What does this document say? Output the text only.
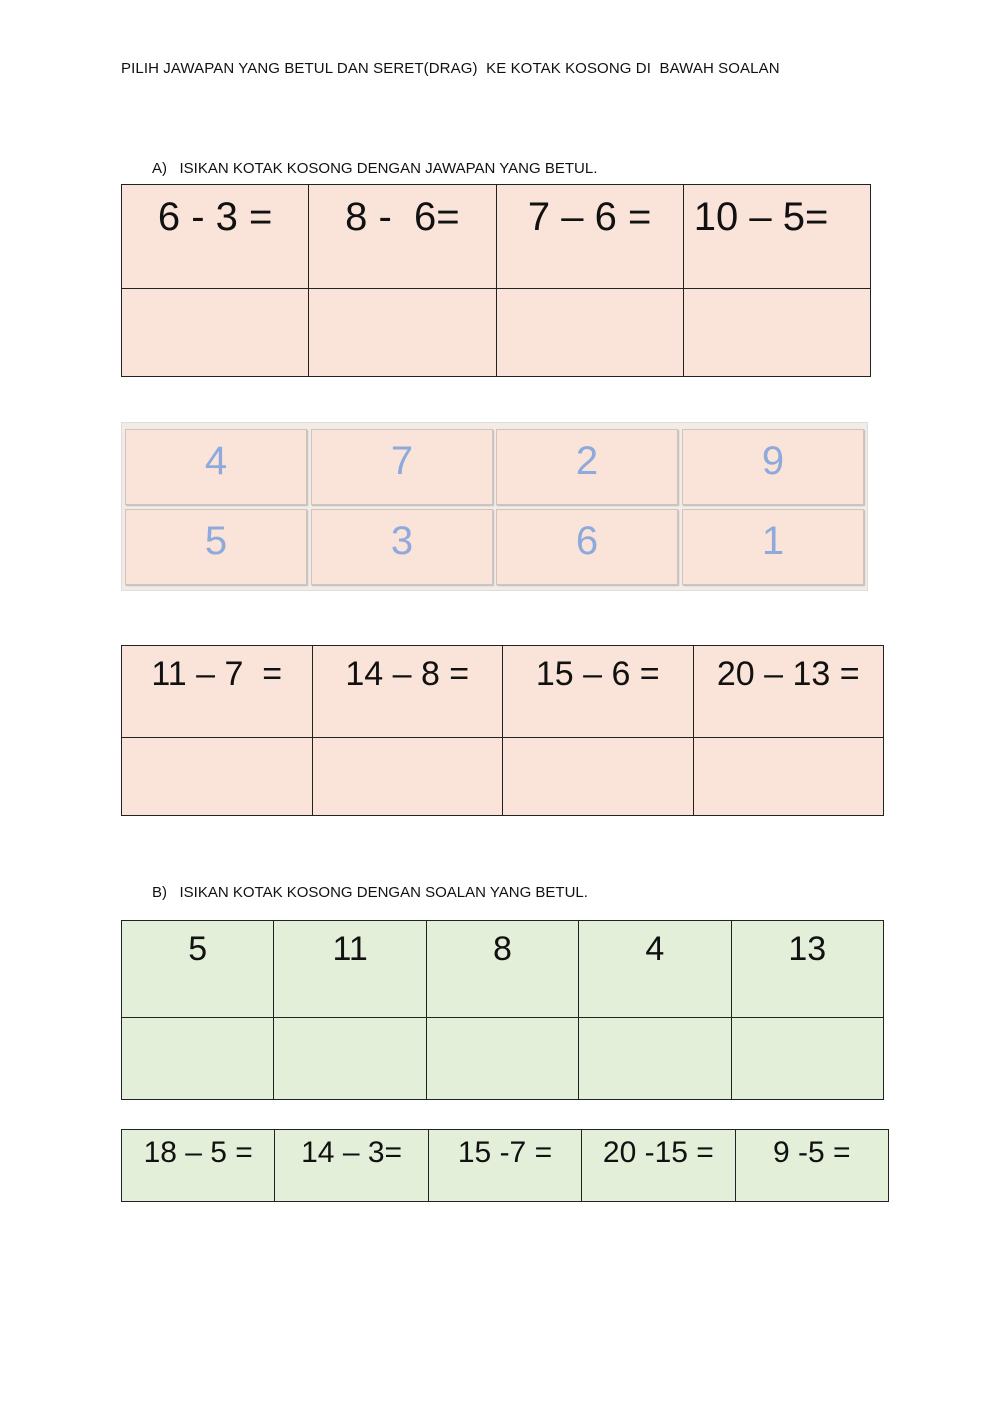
PILIH JAWAPAN YANG BETUL DAN SERET(DRAG)  KE KOTAK KOSONG DI  BAWAH SOALAN
A)   ISIKAN KOTAK KOSONG DENGAN JAWAPAN YANG BETUL.
6 - 3 =	8 -  6=	7 – 6 =	10 – 5=

4	7	2	9
5	3	6	1
11 – 7  =	14 – 8 =	15 – 6 =	20 – 13 =

B)   ISIKAN KOTAK KOSONG DENGAN SOALAN YANG BETUL.
5	11	8	4	13

18 – 5 =	14 – 3=	15 -7 =	20 -15 =	9 -5 =
